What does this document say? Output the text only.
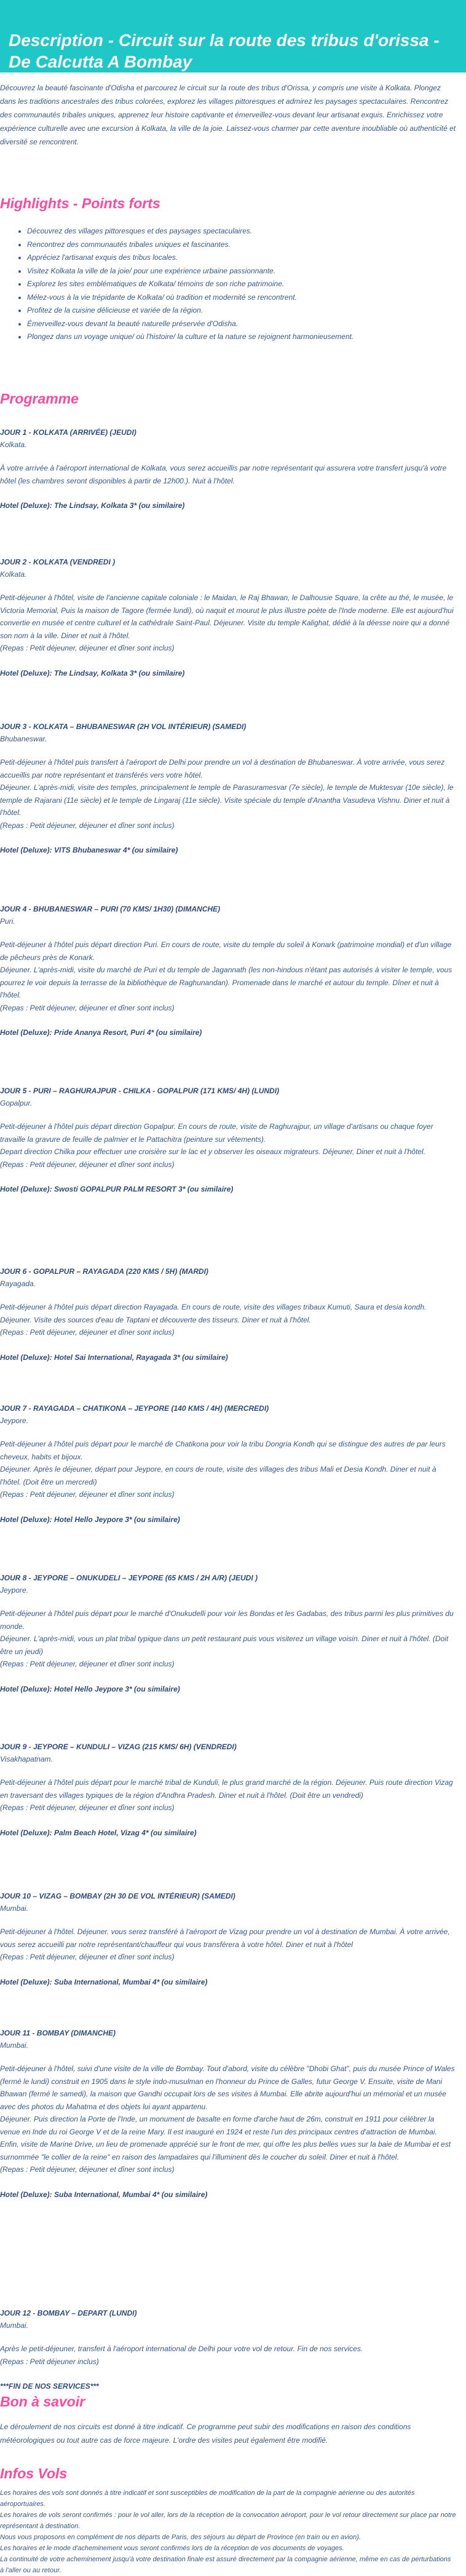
Description - Circuit sur la route des tribus d'orissa - De Calcutta A Bombay
Découvrez la beauté fascinante d'Odisha et parcourez le circuit sur la route des tribus d'Orissa, y compris une visite à Kolkata. Plongez dans les traditions ancestrales des tribus colorées, explorez les villages pittoresques et admirez les paysages spectaculaires. Rencontrez des communautés tribales uniques, apprenez leur histoire captivante et émerveillez-vous devant leur artisanat exquis. Enrichissez votre expérience culturelle avec une excursion à Kolkata, la ville de la joie. Laissez-vous charmer par cette aventure inoubliable où authenticité et diversité se rencontrent.
Highlights - Points forts
• Découvrez des villages pittoresques et des paysages spectaculaires.
• Rencontrez des communautés tribales uniques et fascinantes.
• Appréciez l'artisanat exquis des tribus locales.
• Visitez Kolkata la ville de la joie/ pour une expérience urbaine passionnante.
• Explorez les sites emblématiques de Kolkata/ témoins de son riche patrimoine.
• Mélez-vous à la vie trépidante de Kolkata/ où tradition et modernité se rencontrent.
• Profitez de la cuisine délicieuse et variée de la région.
• Émerveillez-vous devant la beauté naturelle préservée d'Odisha.
• Plongez dans un voyage unique/ où l'histoire/ la culture et la nature se rejoignent harmonieusement.
Programme
JOUR 1 - KOLKATA (ARRIVÉE) (JEUDI)
Kolkata.
À votre arrivée à l'aéroport international de Kolkata, vous serez accueillis par notre représentant qui assurera votre transfert jusqu'à votre hôtel (les chambres seront disponibles à partir de 12h00.). Nuit à l'hôtel.
Hotel (Deluxe): The Lindsay, Kolkata 3* (ou similaire)
JOUR 2 - KOLKATA (VENDREDI )
Kolkata.
Petit-déjeuner à l'hôtel, visite de l'ancienne capitale coloniale : le Maidan, le Raj Bhawan, le Dalhousie Square, la crête au thé, le musée, le Victoria Memorial, Puis la maison de Tagore (fermée lundi), où naquit et mourut le plus illustre poète de l'Inde moderne. Elle est aujourd'hui convertie en musée et centre culturel et la cathédrale Saint-Paul. Déjeuner. Visite du temple Kalighat, dédié à la déesse noire qui a donné son nom à la ville. Diner et nuit à l'hôtel.
(Repas : Petit déjeuner, déjeuner et dîner sont inclus)
Hotel (Deluxe): The Lindsay, Kolkata 3* (ou similaire)
JOUR 3 - KOLKATA – BHUBANESWAR (2H VOL INTÉRIEUR) (SAMEDI)
Bhubaneswar.
Petit-déjeuner à l'hôtel puis transfert à l'aéroport de Delhi pour prendre un vol à destination de Bhubaneswar. À votre arrivée, vous serez accueillis par notre représentant et transférés vers votre hôtel.
Déjeuner. L'après-midi, visite des temples, principalement le temple de Parasuramesvar (7e siècle), le temple de Muktesvar (10e siècle), le temple de Rajarani (11e siècle) et le temple de Lingaraj (11e siècle). Visite spéciale du temple d'Anantha Vasudeva Vishnu. Diner et nuit à l'hôtel.
(Repas : Petit déjeuner, déjeuner et dîner sont inclus)
Hotel (Deluxe): VITS Bhubaneswar 4* (ou similaire)
JOUR 4 - BHUBANESWAR – PURI (70 KMS/ 1H30) (DIMANCHE)
Puri.
Petit-déjeuner à l'hôtel puis départ direction Puri. En cours de route, visite du temple du soleil à Konark (patrimoine mondial) et d'un village de pêcheurs près de Konark.
Déjeuner. L'après-midi, visite du marché de Puri et du temple de Jagannath (les non-hindous n'étant pas autorisés à visiter le temple, vous pourrez le voir depuis la terrasse de la bibliothèque de Raghunandan). Promenade dans le marché et autour du temple. Dîner et nuit à l'hôtel.
(Repas : Petit déjeuner, déjeuner et dîner sont inclus)
Hotel (Deluxe): Pride Ananya Resort, Puri 4* (ou similaire)
JOUR 5 - PURI – RAGHURAJPUR - CHILKA - GOPALPUR (171 KMS/ 4H) (LUNDI)
Gopalpur.
Petit-déjeuner à l'hôtel puis départ direction Gopalpur. En cours de route, visite de Raghurajpur, un village d'artisans ou chaque foyer travaille la gravure de feuille de palmier et le Pattachitra (peinture sur vêtements).
Depart direction Chilka pour effectuer une croisière sur le lac et y observer les oiseaux migrateurs. Déjeuner, Diner et nuit à l'hôtel.
(Repas : Petit déjeuner, déjeuner et dîner sont inclus)
Hotel (Deluxe): Swosti GOPALPUR PALM RESORT 3* (ou similaire)
JOUR 6 - GOPALPUR – RAYAGADA (220 KMS / 5H) (MARDI)
Rayagada.
Petit-déjeuner à l'hôtel puis départ direction Rayagada. En cours de route, visite des villages tribaux Kumuti, Saura et desia kondh. Déjeuner. Visite des sources d'eau de Taptani et découverte des tisseurs. Diner et nuit à l'hôtel.
(Repas : Petit déjeuner, déjeuner et dîner sont inclus)
Hotel (Deluxe): Hotel Sai International, Rayagada 3* (ou similaire)
JOUR 7 - RAYAGADA – CHATIKONA – JEYPORE (140 KMS / 4H) (MERCREDI)
Jeypore.
Petit-déjeuner à l'hôtel puis départ pour le marché de Chatikona pour voir la tribu Dongria Kondh qui se distingue des autres de par leurs cheveux, habits et bijoux.
Déjeuner. Après le déjeuner, départ pour Jeypore, en cours de route, visite des villages des tribus Mali et Desia Kondh. Diner et nuit à l'hôtel. (Doit être un mercredi)
(Repas : Petit déjeuner, déjeuner et dîner sont inclus)
Hotel (Deluxe): Hotel Hello Jeypore 3* (ou similaire)
JOUR 8 - JEYPORE – ONUKUDELI – JEYPORE (65 KMS / 2H A/R) (JEUDI )
Jeypore.
Petit-déjeuner à l'hôtel puis départ pour le marché d'Onukudelli pour voir les Bondas et les Gadabas, des tribus parmi les plus primitives du monde.
Déjeuner. L'après-midi, vous un plat tribal typique dans un petit restaurant puis vous visiterez un village voisin. Diner et nuit à l'hôtel. (Doit être un jeudi)
(Repas : Petit déjeuner, déjeuner et dîner sont inclus)
Hotel (Deluxe): Hotel Hello Jeypore 3* (ou similaire)
JOUR 9 - JEYPORE – KUNDULI – VIZAG (215 KMS/ 6H) (VENDREDI)
Visakhapatnam.
Petit-déjeuner à l'hôtel puis départ pour le marché tribal de Kunduli, le plus grand marché de la région. Déjeuner. Puis route direction Vizag en traversant des villages typiques de la région d'Andhra Pradesh. Diner et nuit à l'hôtel. (Doit être un vendredi)
(Repas : Petit déjeuner, déjeuner et dîner sont inclus)
Hotel (Deluxe): Palm Beach Hotel, Vizag 4* (ou similaire)
JOUR 10 – VIZAG – BOMBAY (2H 30 DE VOL INTÉRIEUR) (SAMEDI)
Mumbai.
Petit-déjeuner à l'hôtel. Déjeuner. vous serez transféré à l'aéroport de Vizag pour prendre un vol à destination de Mumbai. À votre arrivée, vous serez accueilli par notre représentant/chauffeur qui vous transférera à votre hôtel. Diner et nuit à l'hôtel
(Repas : Petit déjeuner, déjeuner et dîner sont inclus)
Hotel (Deluxe): Suba International, Mumbai 4* (ou similaire)
JOUR 11 - BOMBAY (DIMANCHE)
Mumbai.
Petit-déjeuner à l'hôtel, suivi d'une visite de la ville de Bombay. Tout d'abord, visite du célèbre "Dhobi Ghat", puis du musée Prince of Wales (fermé le lundi) construit en 1905 dans le style indo-musulman en l'honneur du Prince de Galles, futur George V. Ensuite, visite de Mani Bhawan (fermé le samedi), la maison que Gandhi occupait lors de ses visites à Mumbai. Elle abrite aujourd'hui un mémorial et un musée avec des photos du Mahatma et des objets lui ayant appartenu.
Déjeuner. Puis direction la Porte de l'Inde, un monument de basalte en forme d'arche haut de 26m, construit en 1911 pour célébrer la venue en Inde du roi George V et de la reine Mary. Il est inauguré en 1924 et reste l'un des principaux centres d'attraction de Mumbai. Enfin, visite de Marine Drive, un lieu de promenade apprécié sur le front de mer, qui offre les plus belles vues sur la baie de Mumbai et est surnommée "le collier de la reine" en raison des lampadaires qui l'illuminent dès le coucher du soleil. Diner et nuit à l'hôtel.
(Repas : Petit déjeuner, déjeuner et dîner sont inclus)
Hotel (Deluxe): Suba International, Mumbai 4* (ou similaire)
JOUR 12 - BOMBAY – DEPART (LUNDI)
Mumbai.
Après le petit-déjeuner, transfert à l'aéroport international de Delhi pour votre vol de retour. Fin de nos services.
(Repas : Petit déjeuner inclus)
***FIN DE NOS SERVICES***
Bon à savoir
Le déroulement de nos circuits est donné à titre indicatif. Ce programme peut subir des modifications en raison des conditions météorologiques ou tout autre cas de force majeure. L'ordre des visites peut également être modifié.
Infos Vols
Les horaires des vols sont donnés à titre indicatif et sont susceptibles de modification de la part de la compagnie aérienne ou des autorités aéroportuaires.
Les horaires de vols seront confirmés : pour le vol aller, lors de la réception de la convocation aéroport, pour le vol retour directement sur place par notre représentant à destination.
Nous vous proposons en complément de nos départs de Paris, des séjours au départ de Province (en train ou en avion).
Les horaires et le mode d'acheminement vous seront confirmés lors de la réception de vos documents de voyages.
La continuité de votre acheminement jusqu'à votre destination finale est assuré directement par la compagnie aérienne, même en cas de perturbations à l'aller ou au retour.
